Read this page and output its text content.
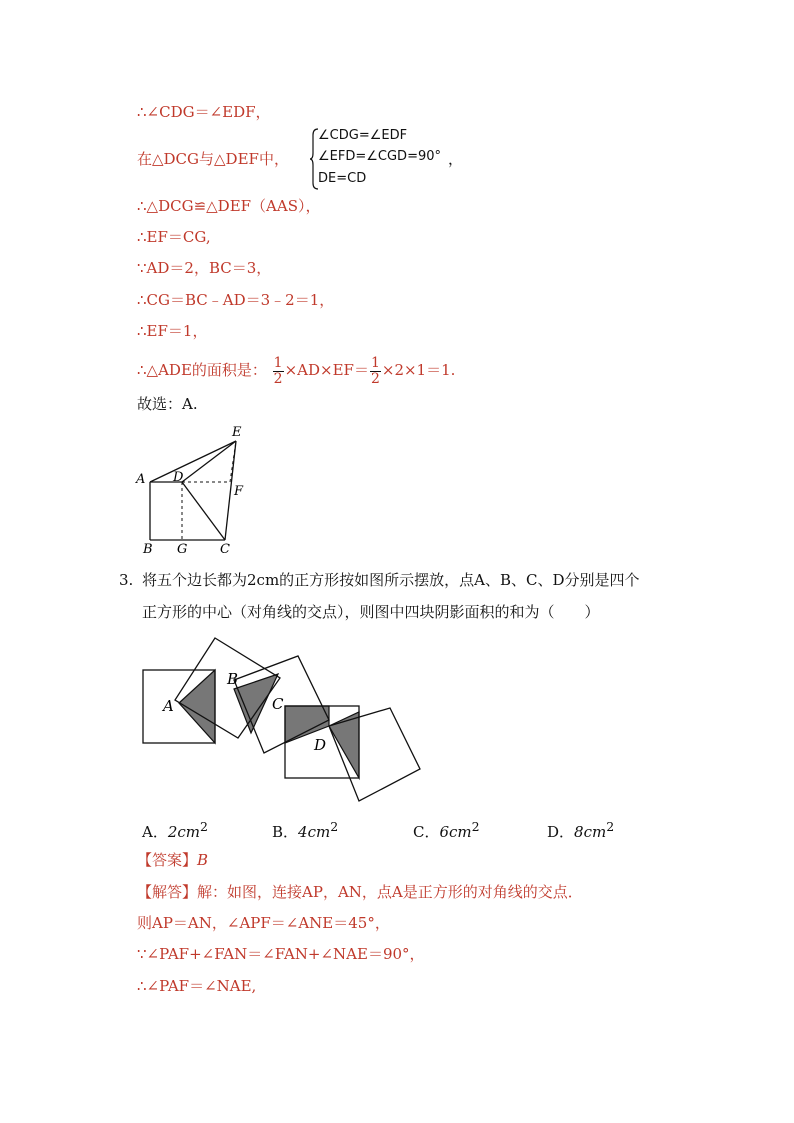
∴∠CDG＝∠EDF，
在△DCG与△DEF中，
∠CDG=∠EDF
∠EFD=∠CGD=90°
DE=CD
，
∴△DCG≌△DEF（AAS），
∴EF＝CG,
∵AD＝2，BC＝3，
∴CG＝BC﹣AD＝3﹣2＝1，
∴EF＝1，
∴△ADE的面积是： $\frac{1}{2} \times AD\times EF= \frac{1}{2} \times 2\times 1=1$.
故选：A.
A D
E
F
B G	C
3. 将五个边长都为2cm的正方形按如图所示摆放，点A、B、C、D分别是四个
正方形的中心（对角线的交点），则图中四块阴影面积的和为（　　）
A
B
C
D
A．$2cm^2$	B．$4cm^2$	C．$6cm^2$	D．$8cm^2$
【答案】B
【解答】解：如图，连接AP，AN，点A是正方形的对角线的交点．
则AP＝AN，∠APF＝∠ANE＝45°，
∵∠PAF+∠FAN＝∠FAN+∠NAE＝90°，
∴∠PAF＝∠NAE,
